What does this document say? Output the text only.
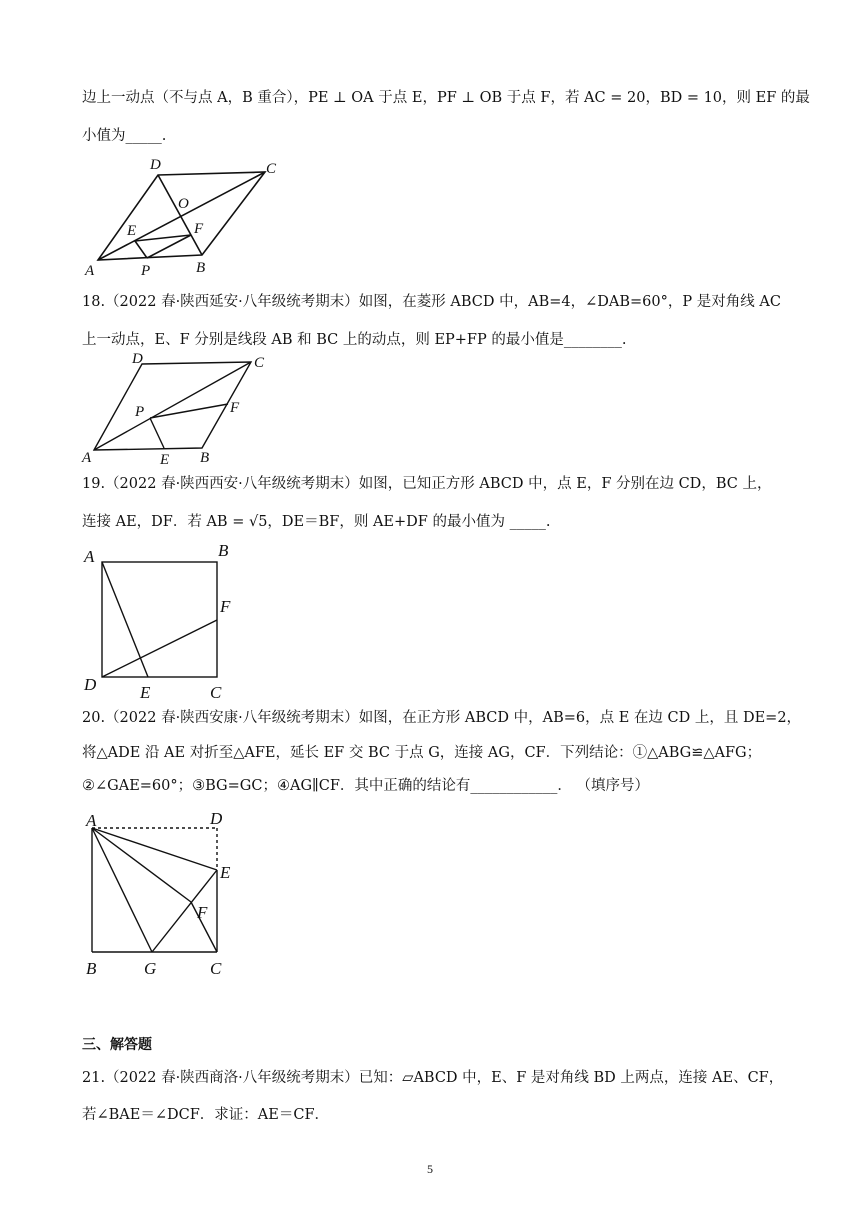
边上一动点（不与点 A，B 重合），PE ⊥ OA 于点 E，PF ⊥ OB 于点 F，若 AC = 20，BD = 10，则 EF 的最
小值为_____.
A	B
C
D
E	F
O
P
18.（2022 春·陕西延安·八年级统考期末）如图，在菱形 ABCD 中，AB=4，∠DAB=60°，P 是对角线 AC
上一动点，E、F 分别是线段 AB 和 BC 上的动点，则 EP+FP 的最小值是________.
A	B
C
D
E
F
P
19.（2022 春·陕西西安·八年级统考期末）如图，已知正方形 ABCD 中，点 E，F 分别在边 CD，BC 上，
连接 AE，DF．若 AB = √5，DE＝BF，则 AE+DF 的最小值为 _____.
A	B
C
D	E
F
20.（2022 春·陕西安康·八年级统考期末）如图，在正方形 ABCD 中，AB=6，点 E 在边 CD 上，且 DE=2，
将△ADE 沿 AE 对折至△AFE，延长 EF 交 BC 于点 G，连接 AG，CF．下列结论：①△ABG≌△AFG；
②∠GAE=60°；③BG=GC；④AG∥CF．其中正确的结论有____________． （填序号）
A	D
E
F
B	G	C
三、解答题
21.（2022 春·陕西商洛·八年级统考期末）已知：▱ABCD 中，E、F 是对角线 BD 上两点，连接 AE、CF，
若∠BAE＝∠DCF．求证：AE＝CF．
5
